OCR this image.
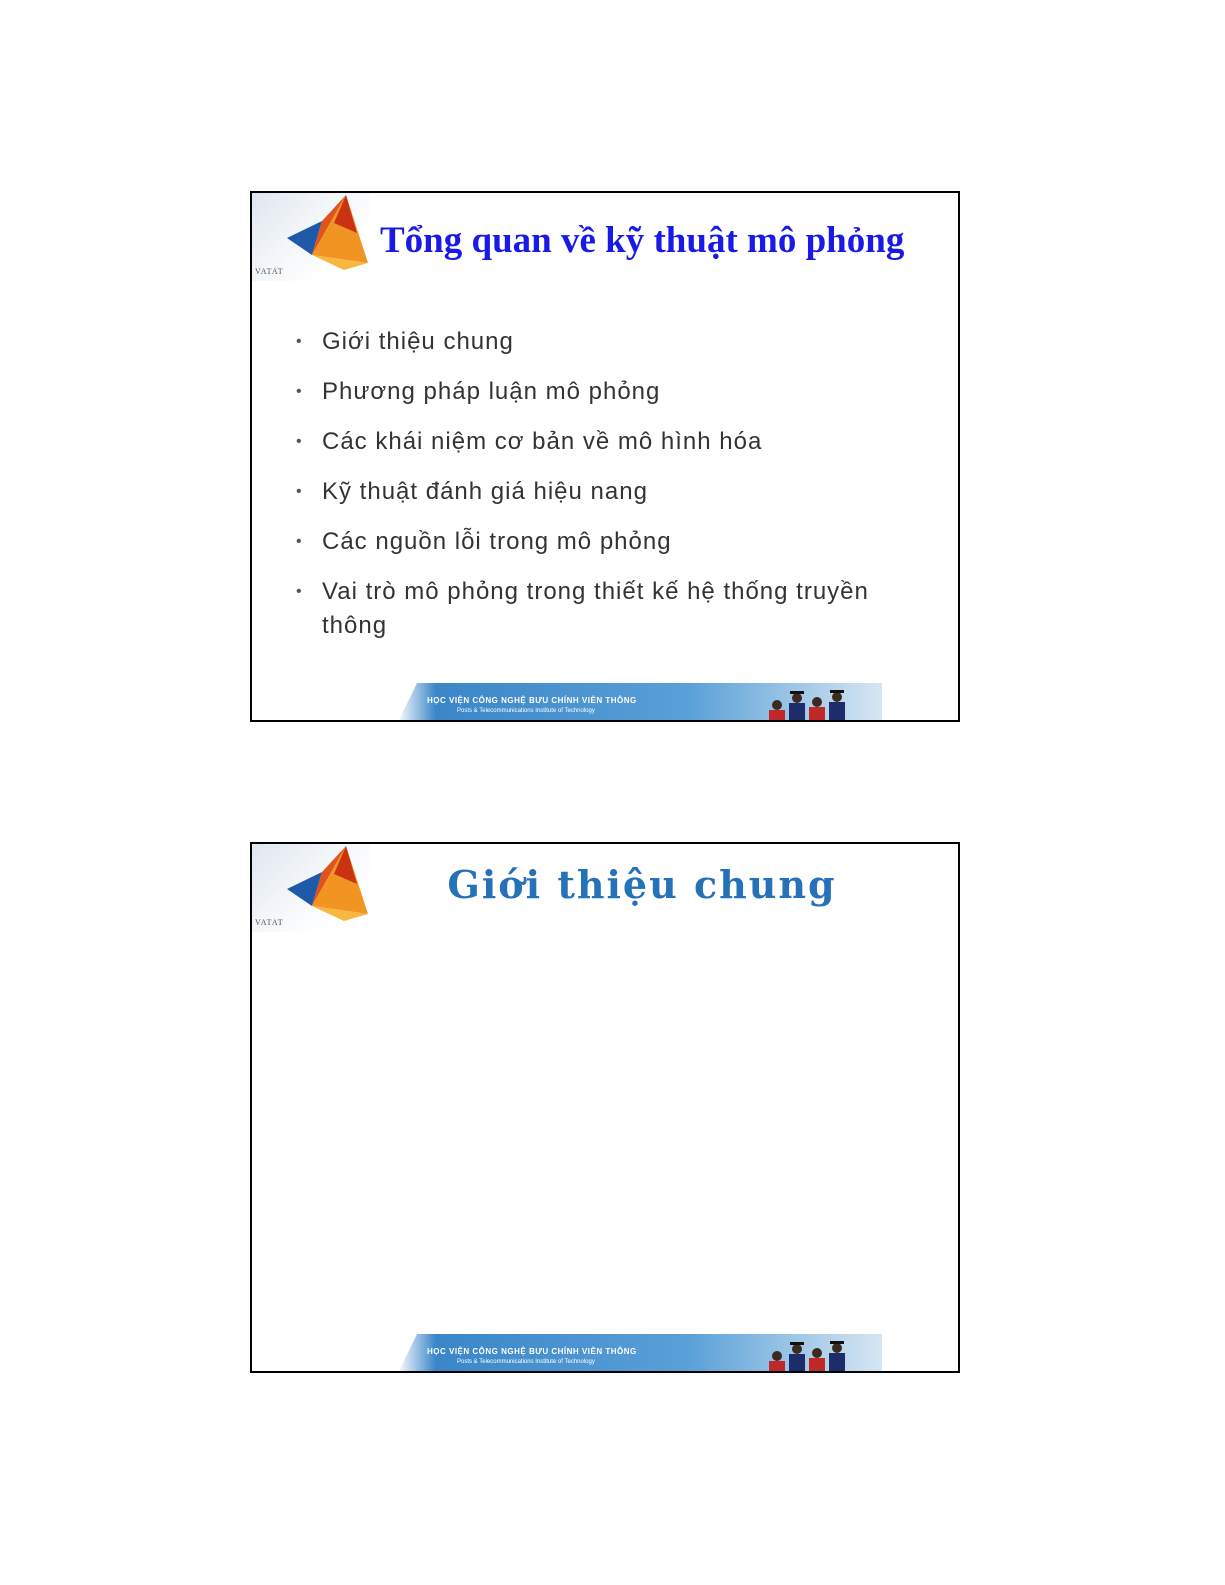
VATAT
Tổng quan về kỹ thuật mô phỏng
• Giới thiệu chung
• Phương pháp luận mô phỏng
• Các khái niệm cơ bản về mô hình hóa
• Kỹ thuật đánh giá hiệu nang
• Các nguồn lỗi trong mô phỏng
• Vai trò mô phỏng trong thiết kế hệ thống truyền thông
HỌC VIỆN CÔNG NGHỆ BƯU CHÍNH VIỄN THÔNG
Posts & Telecommunications Institute of Technology
VATAT
Giới thiệu chung
HỌC VIỆN CÔNG NGHỆ BƯU CHÍNH VIỄN THÔNG
Posts & Telecommunications Institute of Technology
